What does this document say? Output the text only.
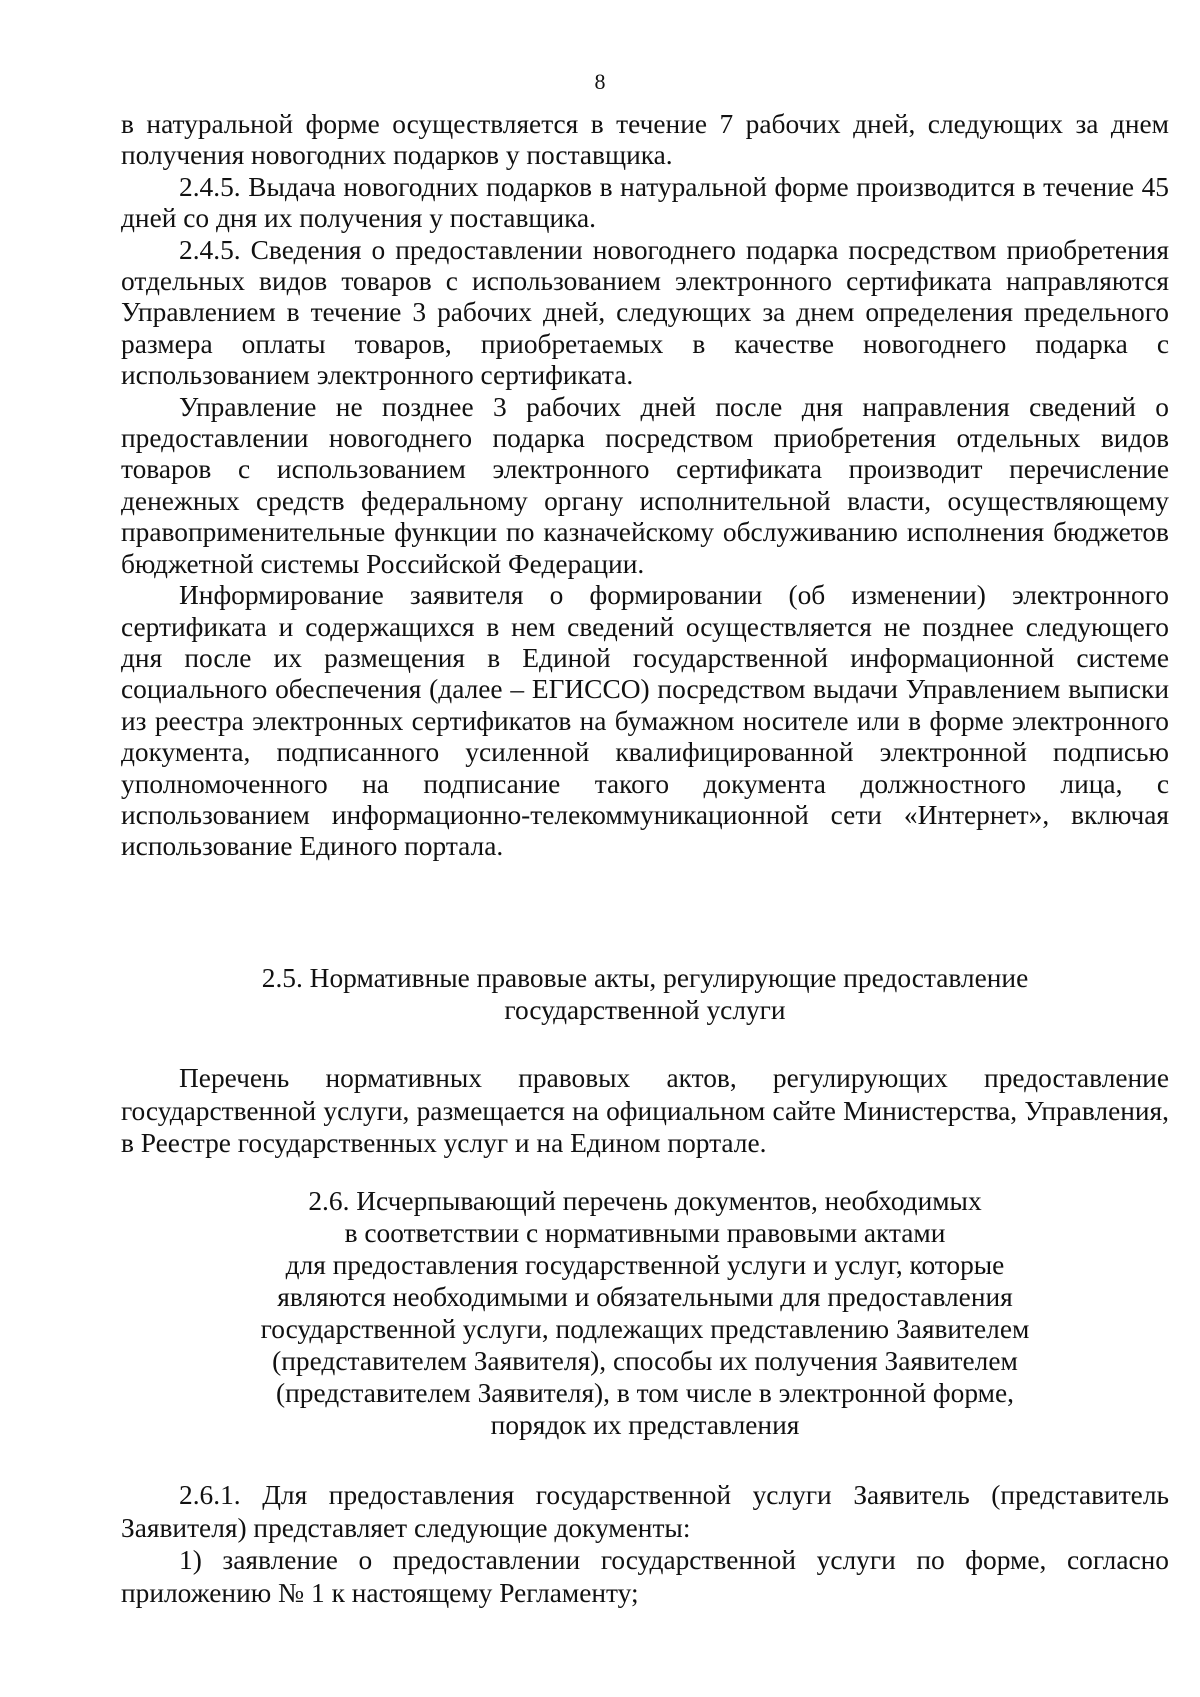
8

в натуральной форме осуществляется в течение 7 рабочих дней, следующих за днем получения новогодних подарков у поставщика.

2.4.5. Выдача новогодних подарков в натуральной форме производится в течение 45 дней со дня их получения у поставщика.

2.4.5. Сведения о предоставлении новогоднего подарка посредством приобретения отдельных видов товаров с использованием электронного сертификата направляются Управлением в течение 3 рабочих дней, следующих за днем определения предельного размера оплаты товаров, приобретаемых в качестве новогоднего подарка с использованием электронного сертификата.

Управление не позднее 3 рабочих дней после дня направления сведений о предоставлении новогоднего подарка посредством приобретения отдельных видов товаров с использованием электронного сертификата производит перечисление денежных средств федеральному органу исполнительной власти, осуществляющему правоприменительные функции по казначейскому обслуживанию исполнения бюджетов бюджетной системы Российской Федерации.

Информирование заявителя о формировании (об изменении) электронного сертификата и содержащихся в нем сведений осуществляется не позднее следующего дня после их размещения в Единой государственной информационной системе социального обеспечения (далее – ЕГИССО) посредством выдачи Управлением выписки из реестра электронных сертификатов на бумажном носителе или в форме электронного документа, подписанного усиленной квалифицированной электронной подписью уполномоченного на подписание такого документа должностного лица, с использованием информационно-телекоммуникационной сети «Интернет», включая использование Единого портала.

2.5. Нормативные правовые акты, регулирующие предоставление
государственной услуги

Перечень нормативных правовых актов, регулирующих предоставление государственной услуги, размещается на официальном сайте Министерства, Управления, в Реестре государственных услуг и на Едином портале.

2.6. Исчерпывающий перечень документов, необходимых
в соответствии с нормативными правовыми актами
для предоставления государственной услуги и услуг, которые
являются необходимыми и обязательными для предоставления
государственной услуги, подлежащих представлению Заявителем
(представителем Заявителя), способы их получения Заявителем
(представителем Заявителя), в том числе в электронной форме,
порядок их представления

2.6.1. Для предоставления государственной услуги Заявитель (представитель Заявителя) представляет следующие документы:

1) заявление о предоставлении государственной услуги по форме, согласно приложению № 1 к настоящему Регламенту;
